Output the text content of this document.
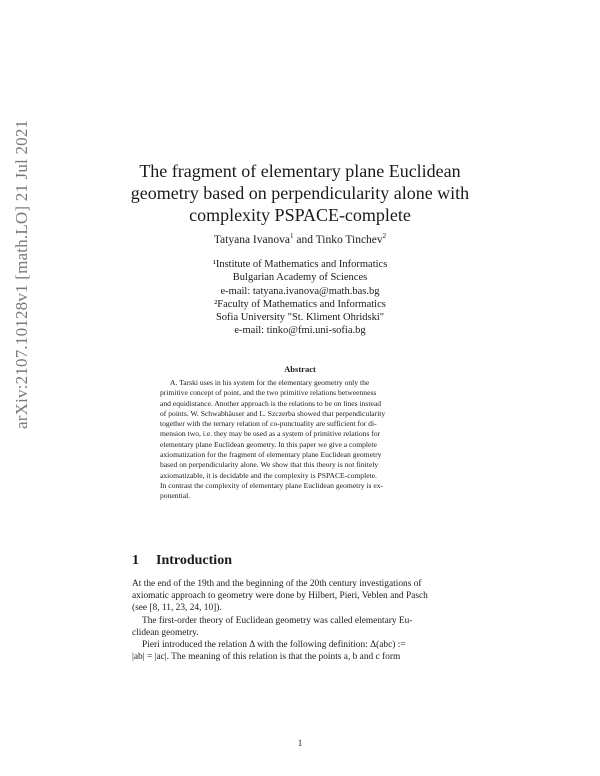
arXiv:2107.10128v1 [math.LO] 21 Jul 2021	The fragment of elementary plane Euclidean
geometry based on perpendicularity alone with
complexity PSPACE-complete
Tatyana Ivanova$^1$ and Tinko Tinchev$^2$
¹Institute of Mathematics and Informatics
Bulgarian Academy of Sciences
e-mail: tatyana.ivanova@math.bas.bg
²Faculty of Mathematics and Informatics
Sofia University "St. Kliment Ohridski"
e-mail: tinko@fmi.uni-sofia.bg
Abstract
A. Tarski uses in his system for the elementary geometry only the
primitive concept of point, and the two primitive relations betweenness
and equidistance. Another approach is the relations to be on lines instead
of points. W. Schwabhäuser and L. Szczerba showed that perpendicularity
together with the ternary relation of co-punctuality are sufficient for di-
mension two, i.e. they may be used as a system of primitive relations for
elementary plane Euclidean geometry. In this paper we give a complete
axiomatization for the fragment of elementary plane Euclidean geometry
based on perpendicularity alone. We show that this theory is not finitely
axiomatizable, it is decidable and the complexity is PSPACE-complete.
In contrast the complexity of elementary plane Euclidean geometry is ex-
ponential.
1 Introduction
At the end of the 19th and the beginning of the 20th century investigations of
axiomatic approach to geometry were done by Hilbert, Pieri, Veblen and Pasch
(see [8, 11, 23, 24, 10]).
The first-order theory of Euclidean geometry was called elementary Eu-
clidean geometry.
Pieri introduced the relation Δ with the following definition: Δ(abc) :=
|ab| = |ac|. The meaning of this relation is that the points a, b and c form
1
